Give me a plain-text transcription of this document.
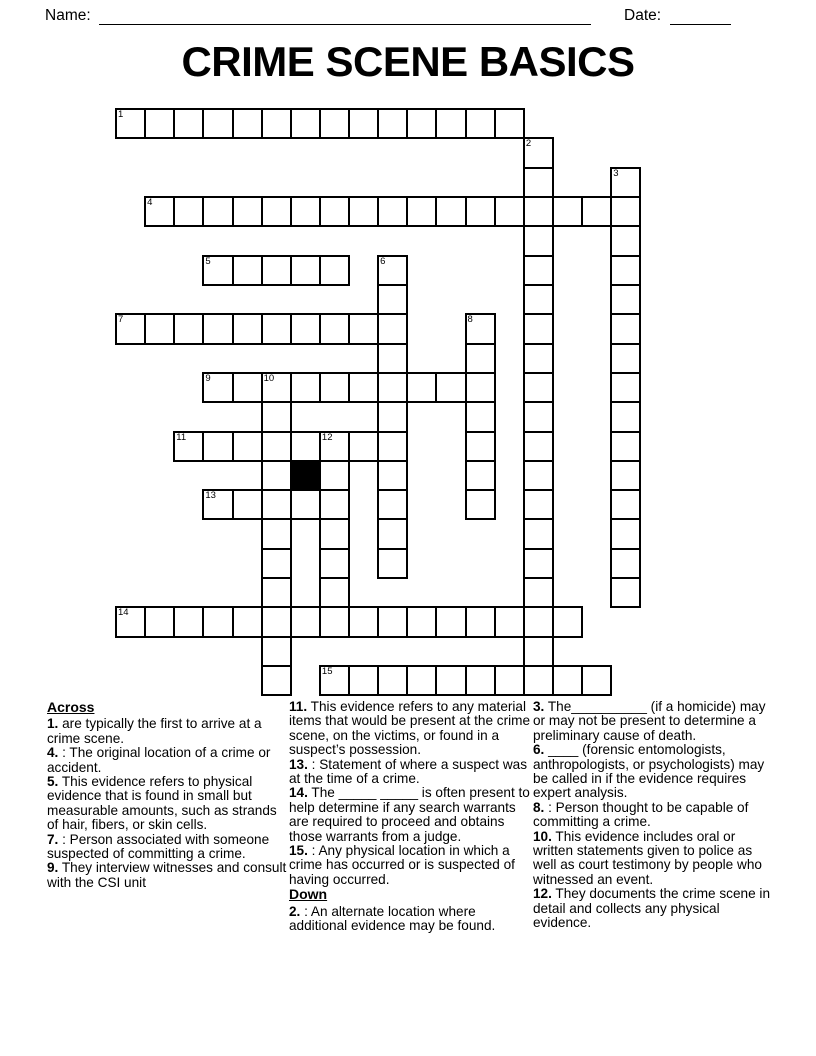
Name:	Date:
CRIME SCENE BASICS
1
2
3
4
5	6
7	8
9	10
11	12
13
14
15
Across

1. are typically the first to arrive at a crime scene.

4. : The original location of a crime or accident.

5. This evidence refers to physical evidence that is found in small but measurable amounts, such as strands of hair, fibers, or skin cells.

7. : Person associated with someone suspected of committing a crime.

9. They interview witnesses and consult with the CSI unit

11. This evidence refers to any material items that would be present at the crime scene, on the victims, or found in a suspect’s possession.

13. : Statement of where a suspect was at the time of a crime.

14. The _____ _____ is often present to help determine if any search warrants are required to proceed and obtains those warrants from a judge.

15. : Any physical location in which a crime has occurred or is suspected of having occurred.

Down

2. : An alternate location where additional evidence may be found.

3. The__________ (if a homicide) may or may not be present to determine a preliminary cause of death.

6. ____ (forensic entomologists, anthropologists, or psychologists) may be called in if the evidence requires expert analysis.

8. : Person thought to be capable of committing a crime.

10. This evidence includes oral or written statements given to police as well as court testimony by people who witnessed an event.

12. They documents the crime scene in detail and collects any physical evidence.
